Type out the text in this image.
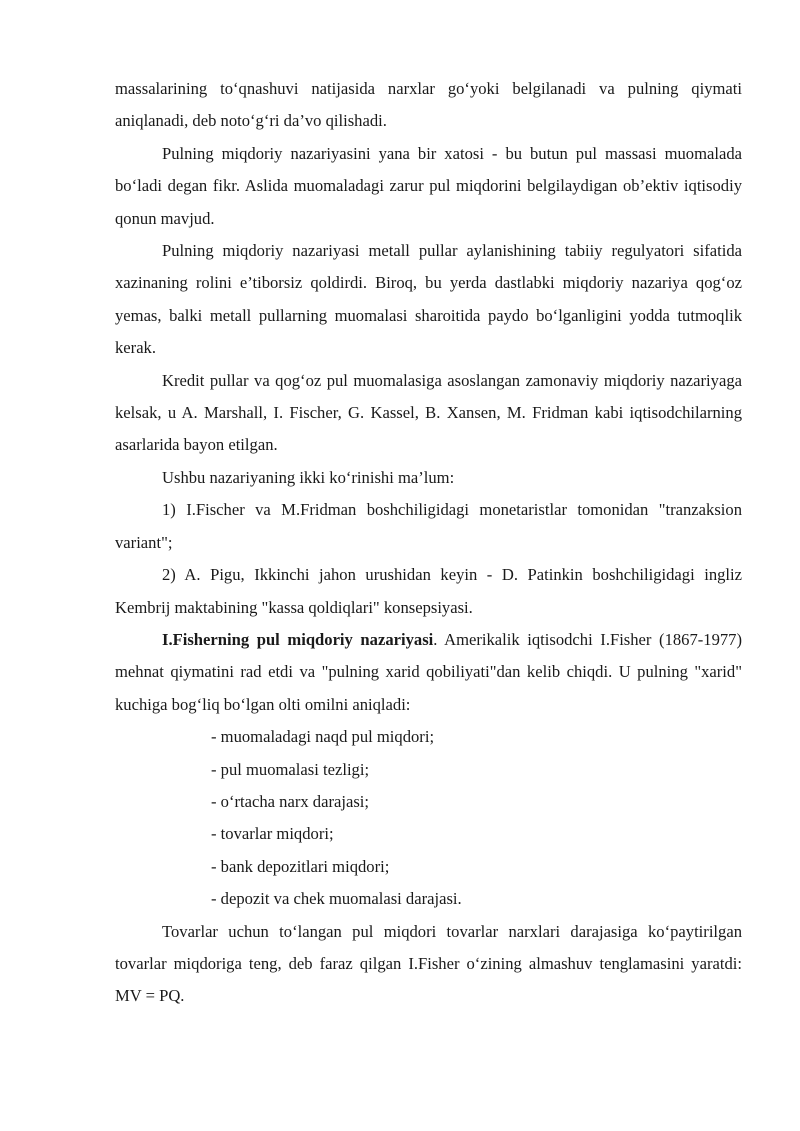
massalarining to‘qnashuvi natijasida narxlar go‘yoki belgilanadi va pulning qiymati aniqlanadi, deb noto‘g‘ri da’vo qilishadi.

Pulning miqdoriy nazariyasini yana bir xatosi - bu butun pul massasi muomalada bo‘ladi degan fikr. Aslida muomaladagi zarur pul miqdorini belgilaydigan ob’ektiv iqtisodiy qonun mavjud.

Pulning miqdoriy nazariyasi metall pullar aylanishining tabiiy regulyatori sifatida xazinaning rolini e’tiborsiz qoldirdi. Biroq, bu yerda dastlabki miqdoriy nazariya qog‘oz yemas, balki metall pullarning muomalasi sharoitida paydo bo‘lganligini yodda tutmoqlik kerak.

Kredit pullar va qog‘oz pul muomalasiga asoslangan zamonaviy miqdoriy nazariyaga kelsak, u A. Marshall, I. Fischer, G. Kassel, B. Xansen, M. Fridman kabi iqtisodchilarning asarlarida bayon etilgan.

Ushbu nazariyaning ikki ko‘rinishi ma’lum:

1) I.Fischer va M.Fridman boshchiligidagi monetaristlar tomonidan "tranzaksion variant";

2) A. Pigu, Ikkinchi jahon urushidan keyin - D. Patinkin boshchiligidagi ingliz Kembrij maktabining "kassa qoldiqlari" konsepsiyasi.

I.Fisherning pul miqdoriy nazariyasi. Amerikalik iqtisodchi I.Fisher (1867-1977) mehnat qiymatini rad etdi va "pulning xarid qobiliyati"dan kelib chiqdi. U pulning "xarid" kuchiga bog‘liq bo‘lgan olti omilni aniqladi:

- muomaladagi naqd pul miqdori;
- pul muomalasi tezligi;
- o‘rtacha narx darajasi;
- tovarlar miqdori;
- bank depozitlari miqdori;
- depozit va chek muomalasi darajasi.

Tovarlar uchun to‘langan pul miqdori tovarlar narxlari darajasiga ko‘paytirilgan tovarlar miqdoriga teng, deb faraz qilgan I.Fisher o‘zining almashuv tenglamasini yaratdi: MV = PQ.
